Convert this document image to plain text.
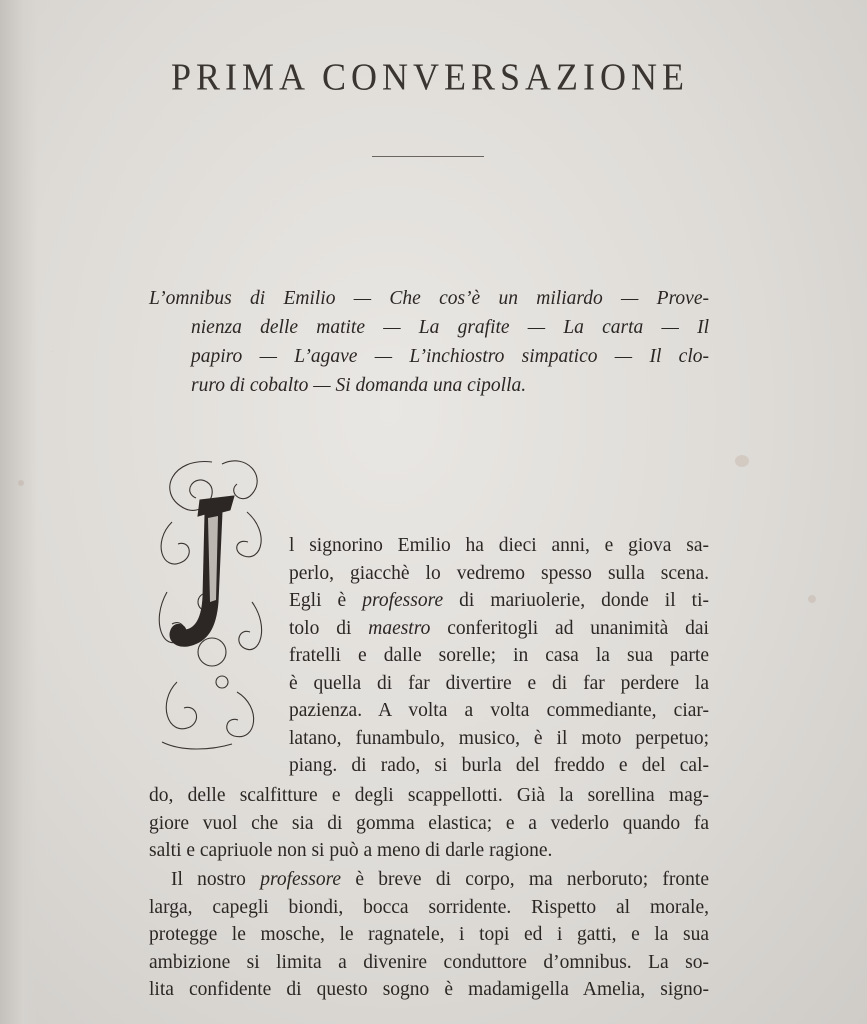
PRIMA CONVERSAZIONE
L’omnibus di Emilio — Che cos’è un miliardo — Prove-
nienza delle matite — La grafite — La carta — Il
papiro — L’agave — L’inchiostro simpatico — Il clo-
ruro di cobalto — Si domanda una cipolla.
I
l signorino Emilio ha dieci anni, e giova sa-
perlo, giacchè lo vedremo spesso sulla scena.
Egli è professore di mariuolerie, donde il ti-
tolo di maestro conferitogli ad unanimità dai
fratelli e dalle sorelle; in casa la sua parte
è quella di far divertire e di far perdere la
pazienza. A volta a volta commediante, ciar-
latano, funambulo, musico, è il moto perpetuo;
piang. di rado, si burla del freddo e del cal-
do, delle scalfitture e degli scappellotti. Già la sorellina mag-
giore vuol che sia di gomma elastica; e a vederlo quando fa
salti e capriuole non si può a meno di darle ragione.
Il nostro professore è breve di corpo, ma nerboruto; fronte
larga, capegli biondi, bocca sorridente. Rispetto al morale,
protegge le mosche, le ragnatele, i topi ed i gatti, e la sua
ambizione si limita a divenire conduttore d’omnibus. La so-
lita confidente di questo sogno è madamigella Amelia, signo-
